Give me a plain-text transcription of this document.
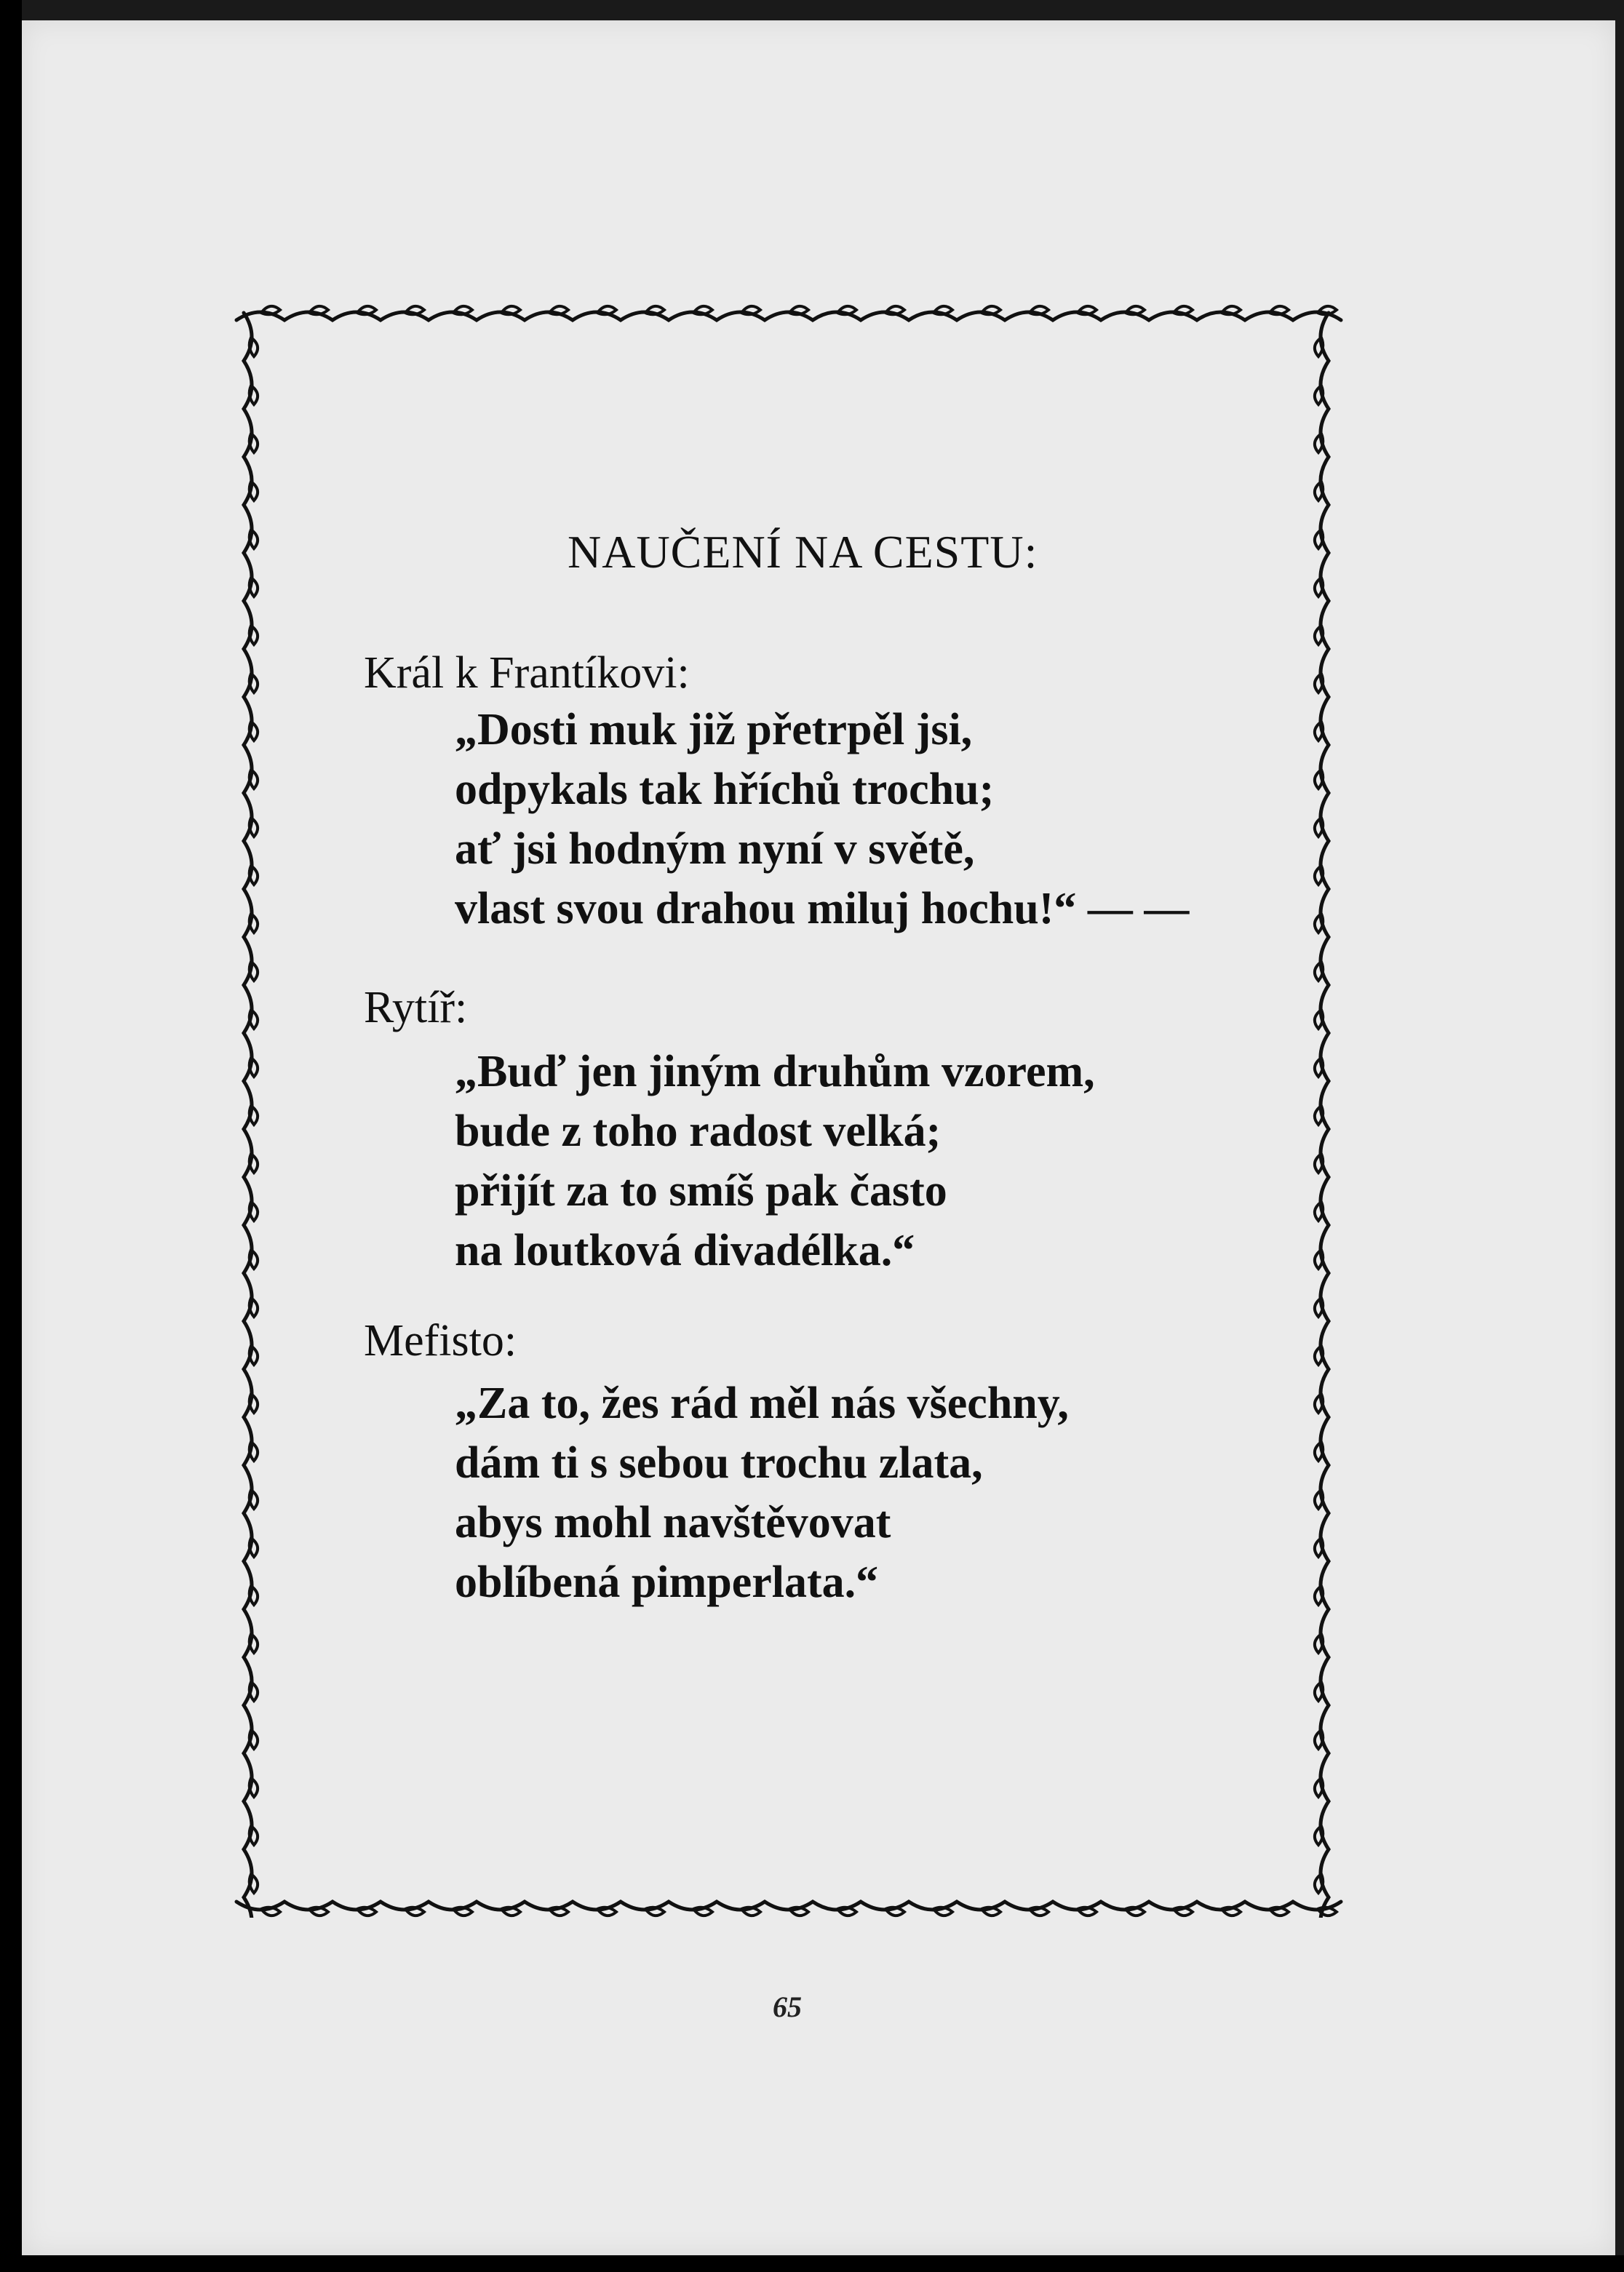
NAUČENÍ NA CESTU:
Král k Frantíkovi:
„Dosti muk již přetrpěl jsi,
odpykals tak hříchů trochu;
ať jsi hodným nyní v světě,
vlast svou drahou miluj hochu!“ — —
Rytíř:
„Buď jen jiným druhům vzorem,
bude z toho radost velká;
přijít za to smíš pak často
na loutková divadélka.“
Mefisto:
„Za to, žes rád měl nás všechny,
dám ti s sebou trochu zlata,
abys mohl navštěvovat
oblíbená pimperlata.“
65
